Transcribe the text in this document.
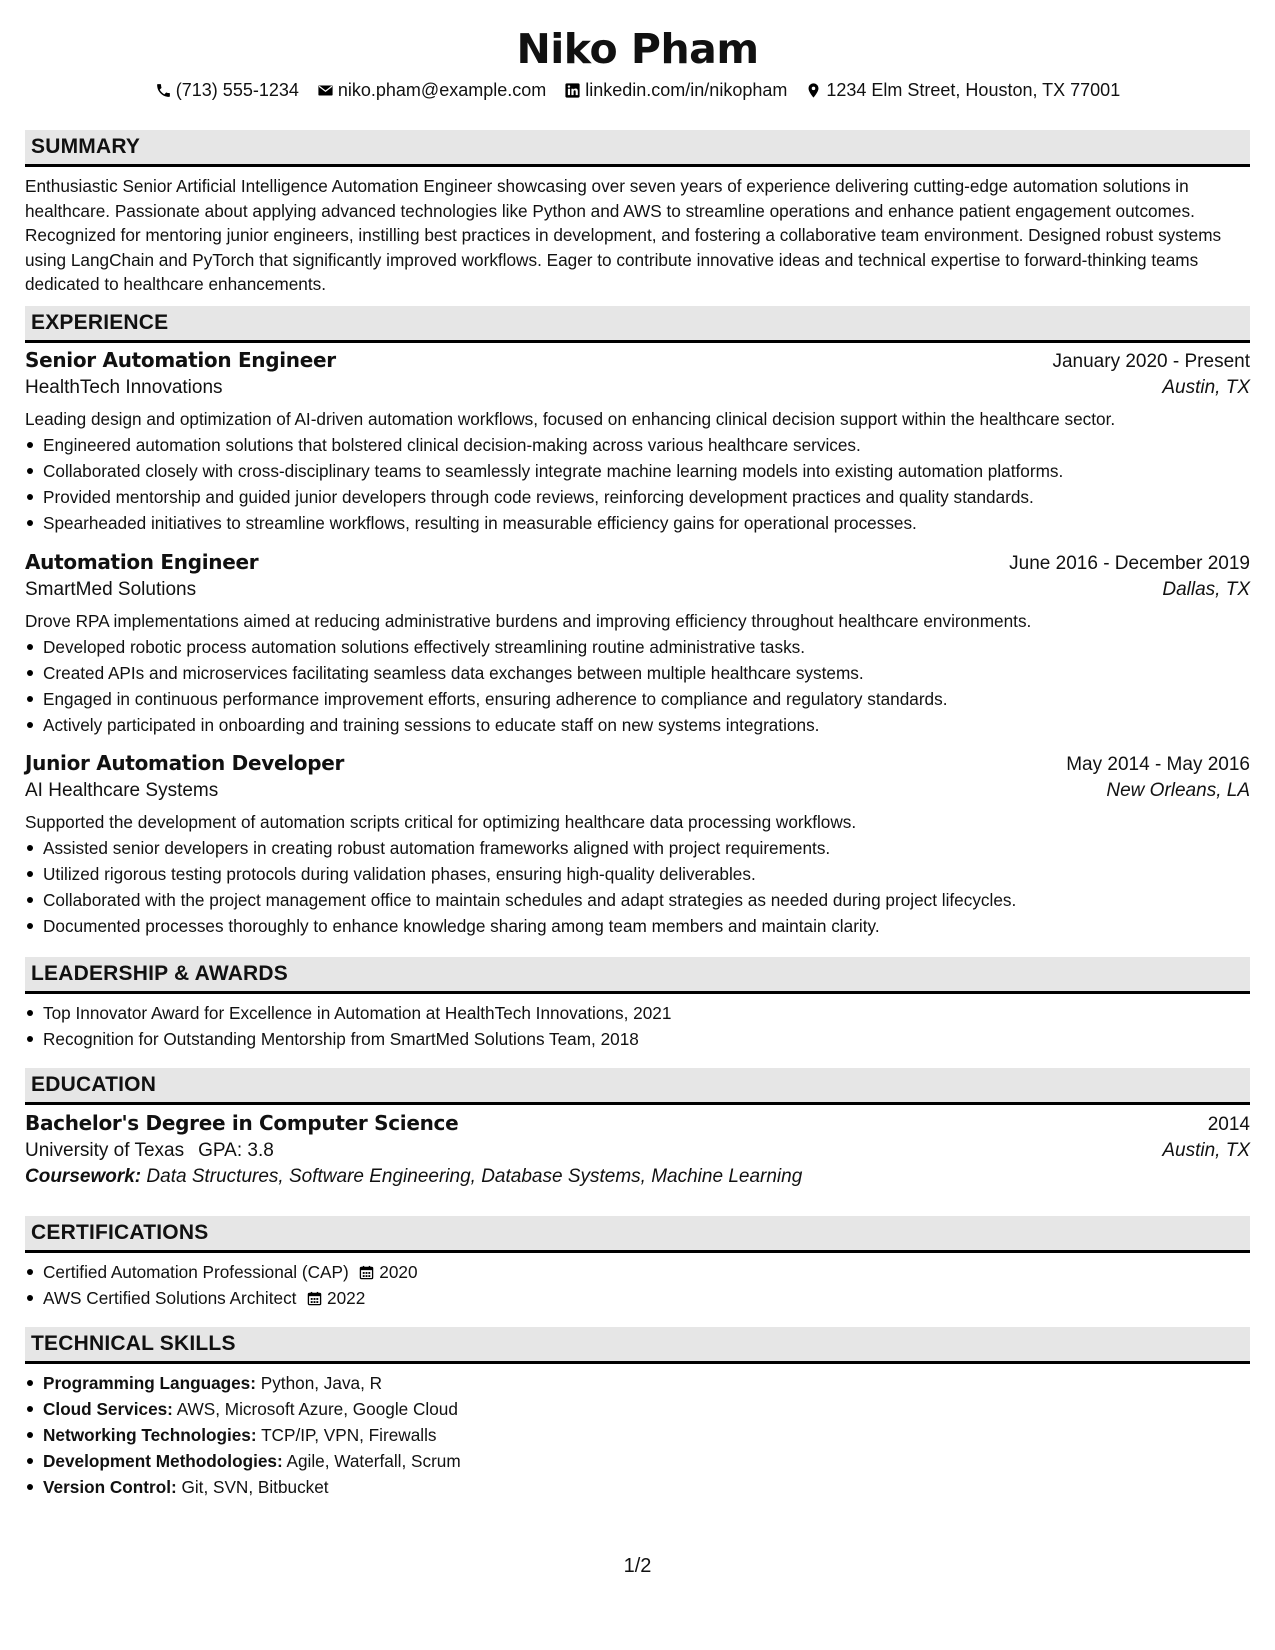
Niko Pham
(713) 555-1234 niko.pham@example.com linkedin.com/in/nikopham 1234 Elm Street, Houston, TX 77001
SUMMARY
Enthusiastic Senior Artificial Intelligence Automation Engineer showcasing over seven years of experience delivering cutting-edge automation solutions in healthcare. Passionate about applying advanced technologies like Python and AWS to streamline operations and enhance patient engagement outcomes. Recognized for mentoring junior engineers, instilling best practices in development, and fostering a collaborative team environment. Designed robust systems using LangChain and PyTorch that significantly improved workflows. Eager to contribute innovative ideas and technical expertise to forward-thinking teams dedicated to healthcare enhancements.
EXPERIENCE
Senior Automation Engineer	January 2020 - Present
HealthTech Innovations	Austin, TX
Leading design and optimization of AI-driven automation workflows, focused on enhancing clinical decision support within the healthcare sector.
Engineered automation solutions that bolstered clinical decision-making across various healthcare services.
Collaborated closely with cross-disciplinary teams to seamlessly integrate machine learning models into existing automation platforms.
Provided mentorship and guided junior developers through code reviews, reinforcing development practices and quality standards.
Spearheaded initiatives to streamline workflows, resulting in measurable efficiency gains for operational processes.
Automation Engineer	June 2016 - December 2019
SmartMed Solutions	Dallas, TX
Drove RPA implementations aimed at reducing administrative burdens and improving efficiency throughout healthcare environments.
Developed robotic process automation solutions effectively streamlining routine administrative tasks.
Created APIs and microservices facilitating seamless data exchanges between multiple healthcare systems.
Engaged in continuous performance improvement efforts, ensuring adherence to compliance and regulatory standards.
Actively participated in onboarding and training sessions to educate staff on new systems integrations.
Junior Automation Developer	May 2014 - May 2016
AI Healthcare Systems	New Orleans, LA
Supported the development of automation scripts critical for optimizing healthcare data processing workflows.
Assisted senior developers in creating robust automation frameworks aligned with project requirements.
Utilized rigorous testing protocols during validation phases, ensuring high-quality deliverables.
Collaborated with the project management office to maintain schedules and adapt strategies as needed during project lifecycles.
Documented processes thoroughly to enhance knowledge sharing among team members and maintain clarity.
LEADERSHIP & AWARDS
Top Innovator Award for Excellence in Automation at HealthTech Innovations, 2021
Recognition for Outstanding Mentorship from SmartMed Solutions Team, 2018
EDUCATION
Bachelor's Degree in Computer Science	2014
University of Texas GPA: 3.8	Austin, TX
Coursework: Data Structures, Software Engineering, Database Systems, Machine Learning
CERTIFICATIONS
Certified Automation Professional (CAP) 2020
AWS Certified Solutions Architect 2022
TECHNICAL SKILLS
Programming Languages: Python, Java, R
Cloud Services: AWS, Microsoft Azure, Google Cloud
Networking Technologies: TCP/IP, VPN, Firewalls
Development Methodologies: Agile, Waterfall, Scrum
Version Control: Git, SVN, Bitbucket
1/2
